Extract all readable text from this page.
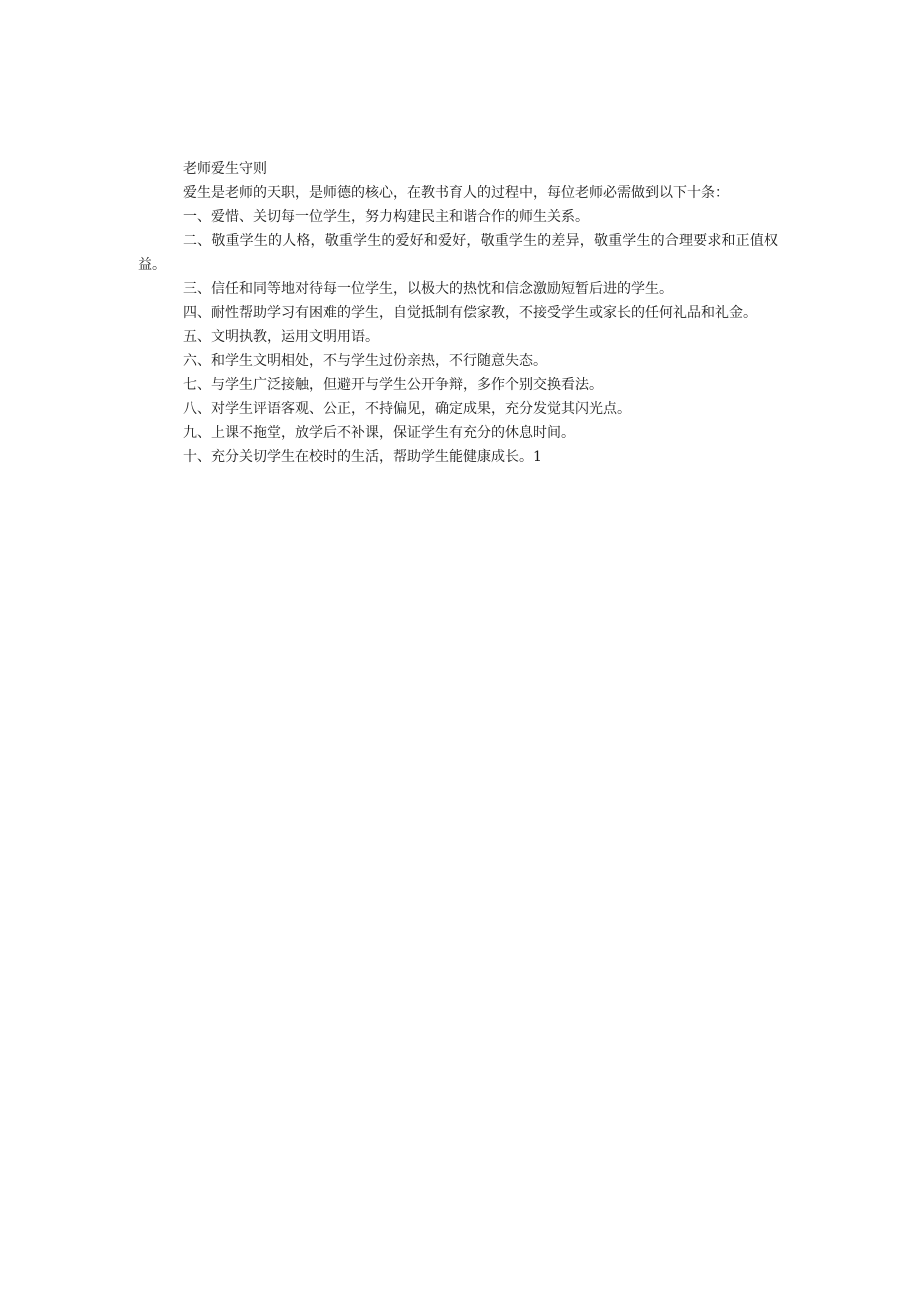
老师爱生守则
爱生是老师的天职，是师德的核心，在教书育人的过程中，每位老师必需做到以下十条：
一、爱惜、关切每一位学生，努力构建民主和谐合作的师生关系。
二、敬重学生的人格，敬重学生的爱好和爱好，敬重学生的差异，敬重学生的合理要求和正值权益。
三、信任和同等地对待每一位学生，以极大的热忱和信念激励短暂后进的学生。
四、耐性帮助学习有困难的学生，自觉抵制有偿家教，不接受学生或家长的任何礼品和礼金。
五、文明执教，运用文明用语。
六、和学生文明相处，不与学生过份亲热，不行随意失态。
七、与学生广泛接触，但避开与学生公开争辩，多作个别交换看法。
八、对学生评语客观、公正，不持偏见，确定成果，充分发觉其闪光点。
九、上课不拖堂，放学后不补课，保证学生有充分的休息时间。
十、充分关切学生在校时的生活，帮助学生能健康成长。1
